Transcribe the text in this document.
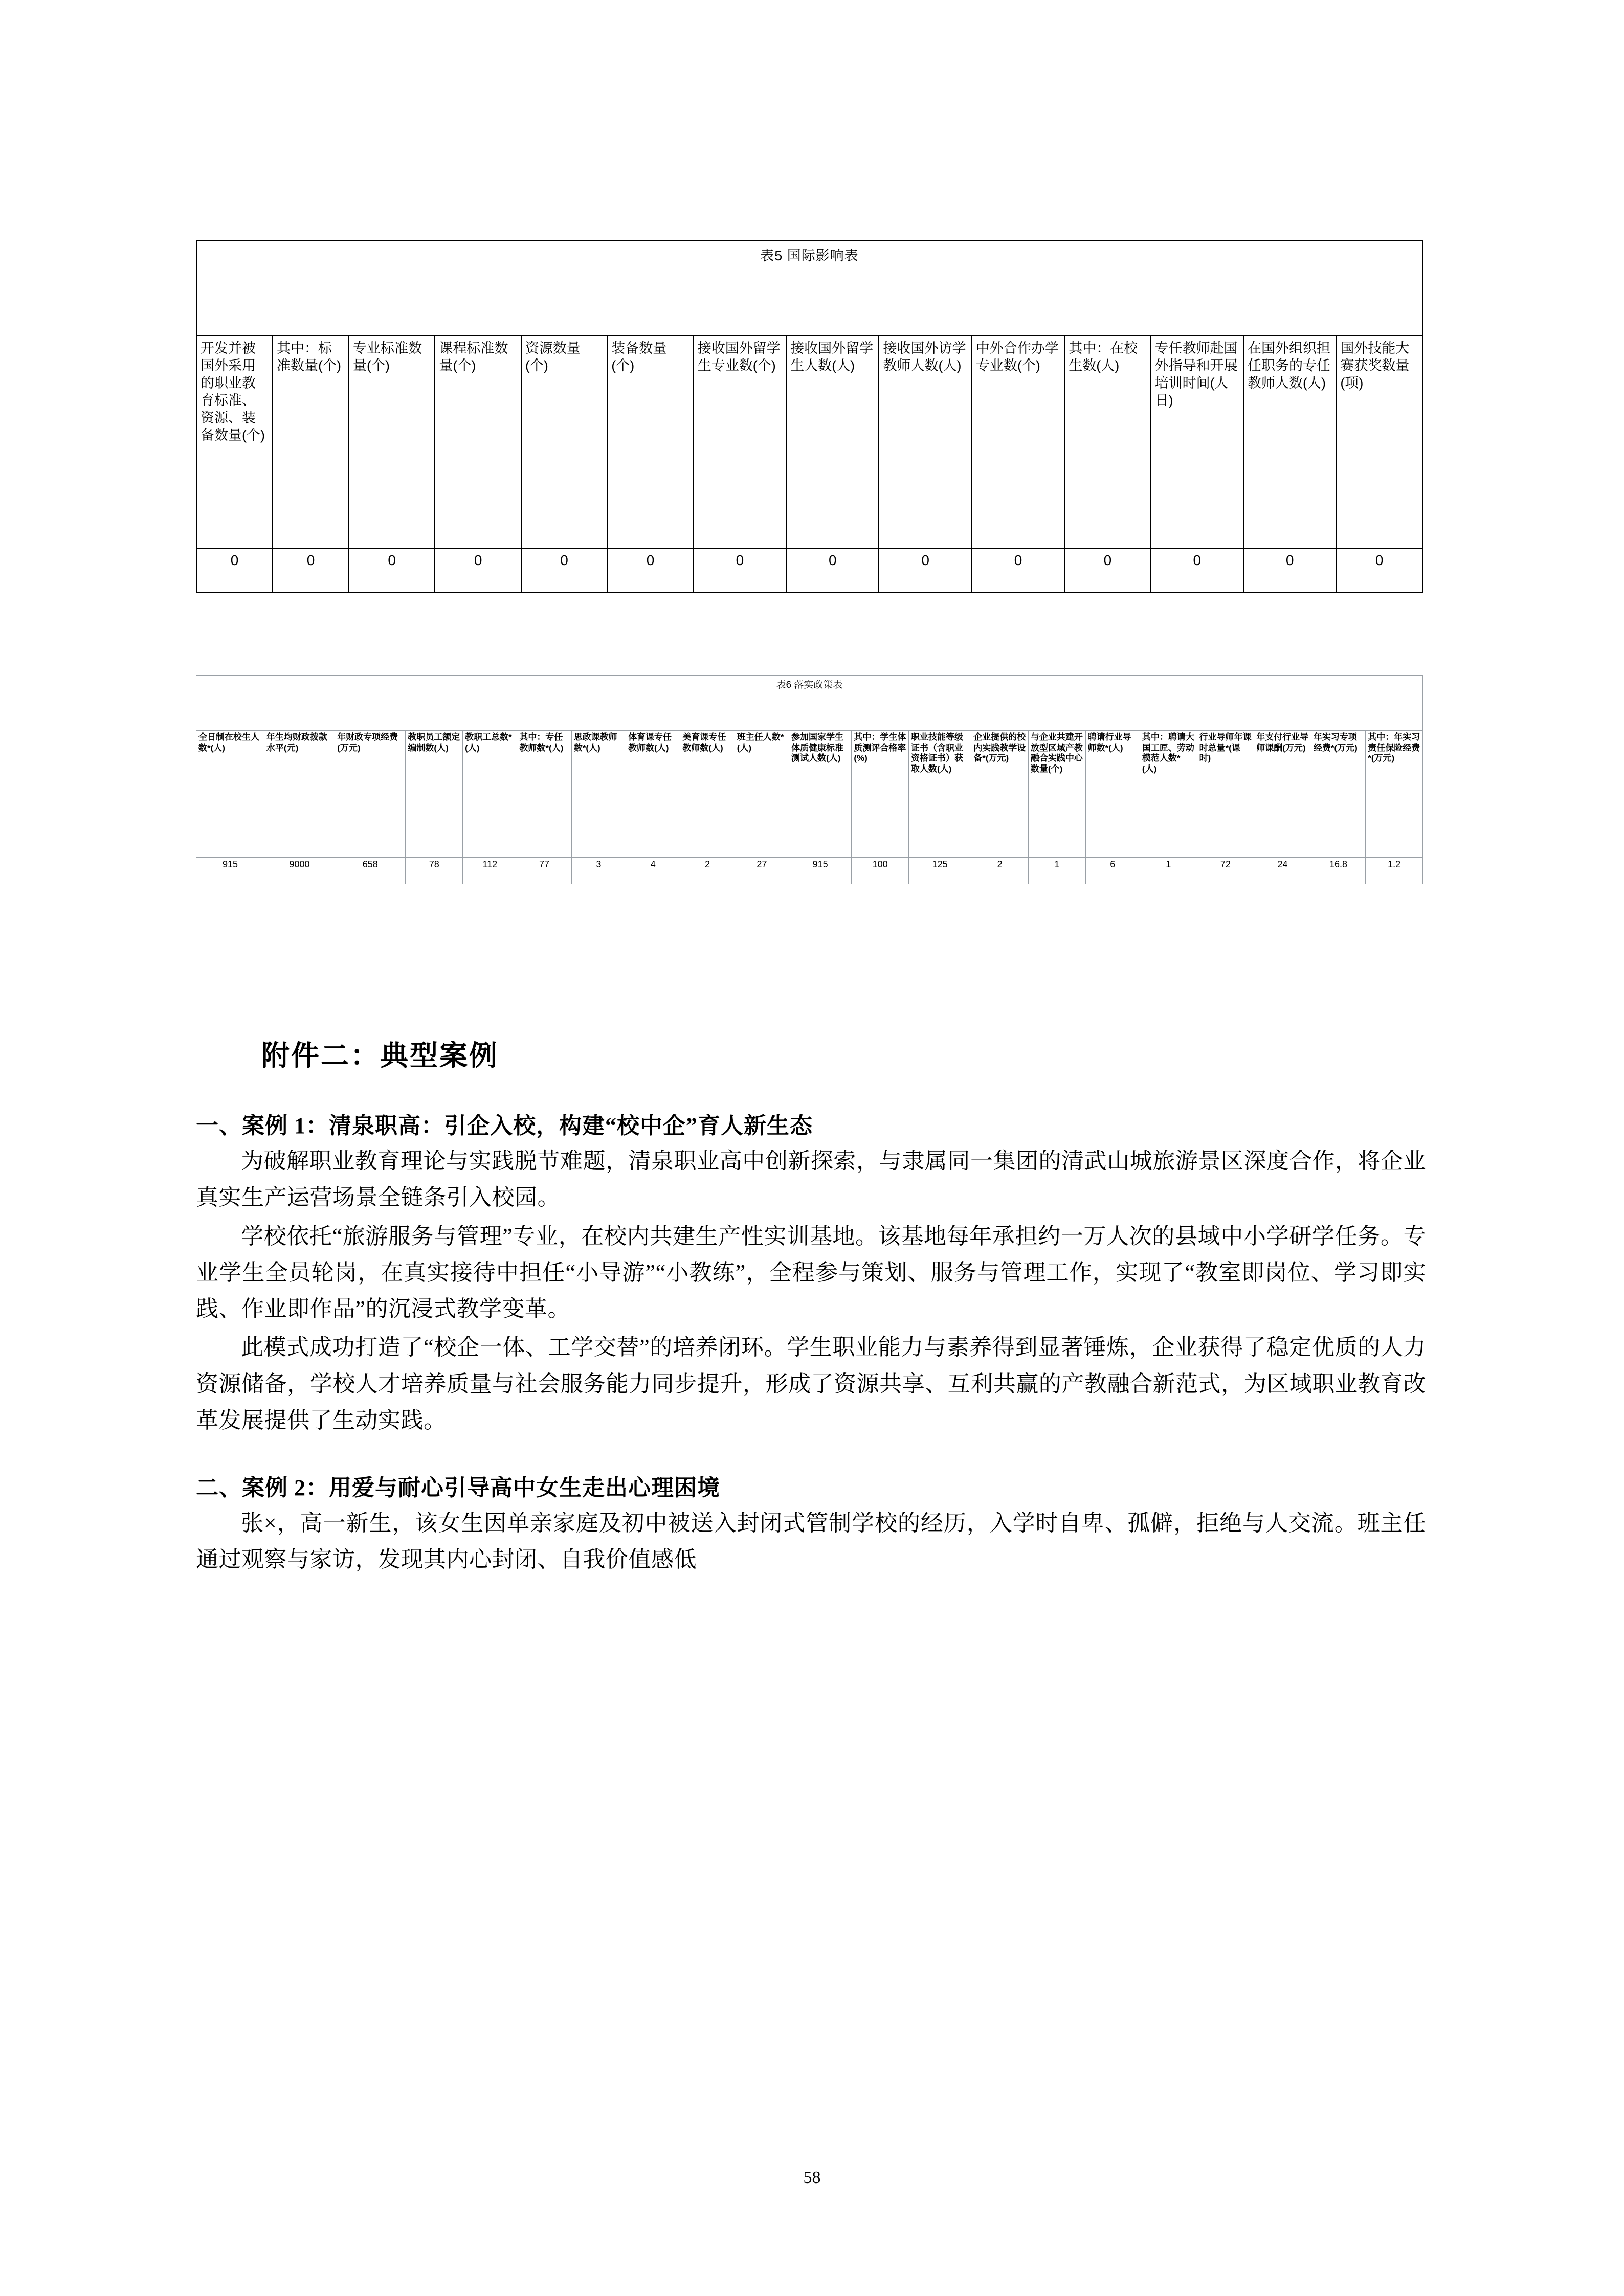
表5 国际影响表													
开发并被国外采用的职业教育标准、资源、装备数量(个)	其中：标准数量(个)	专业标准数量(个)	课程标准数量(个)	资源数量(个)	装备数量(个)	接收国外留学生专业数(个)	接收国外留学生人数(人)	接收国外访学教师人数(人)	中外合作办学专业数(个)	其中：在校生数(人)	专任教师赴国外指导和开展培训时间(人日)	在国外组织担任职务的专任教师人数(人)	国外技能大赛获奖数量(项)
0	0	0	0	0	0	0	0	0	0	0	0	0	0
表6 落实政策表																				
全日制在校生人数*(人)	年生均财政拨款水平(元)	年财政专项经费(万元)	教职员工额定编制数(人)	教职工总数*(人)	其中：专任教师数*(人)	思政课教师数*(人)	体育课专任教师数(人)	美育课专任教师数(人)	班主任人数*(人)	参加国家学生体质健康标准测试人数(人)	其中：学生体质测评合格率(%)	职业技能等级证书（含职业资格证书）获取人数(人)	企业提供的校内实践教学设备*(万元)	与企业共建开放型区域产教融合实践中心数量(个)	聘请行业导师数*(人)	其中：聘请大国工匠、劳动模范人数*(人)	行业导师年课时总量*(课时)	年支付行业导师课酬(万元)	年实习专项经费*(万元)	其中：年实习责任保险经费*(万元)
915	9000	658	78	112	77	3	4	2	27	915	100	125	2	1	6	1	72	24	16.8	1.2
附件二：典型案例
一、案例 1：清泉职高：引企入校，构建“校中企”育人新生态

为破解职业教育理论与实践脱节难题，清泉职业高中创新探索，与隶属同一集团的清武山城旅游景区深度合作，将企业真实生产运营场景全链条引入校园。

学校依托“旅游服务与管理”专业，在校内共建生产性实训基地。该基地每年承担约一万人次的县域中小学研学任务。专业学生全员轮岗，在真实接待中担任“小导游”“小教练”，全程参与策划、服务与管理工作，实现了“教室即岗位、学习即实践、作业即作品”的沉浸式教学变革。

此模式成功打造了“校企一体、工学交替”的培养闭环。学生职业能力与素养得到显著锤炼，企业获得了稳定优质的人力资源储备，学校人才培养质量与社会服务能力同步提升，形成了资源共享、互利共赢的产教融合新范式，为区域职业教育改革发展提供了生动实践。

二、案例 2：用爱与耐心引导高中女生走出心理困境

张×，高一新生，该女生因单亲家庭及初中被送入封闭式管制学校的经历，入学时自卑、孤僻，拒绝与人交流。班主任通过观察与家访，发现其内心封闭、自我价值感低

58
